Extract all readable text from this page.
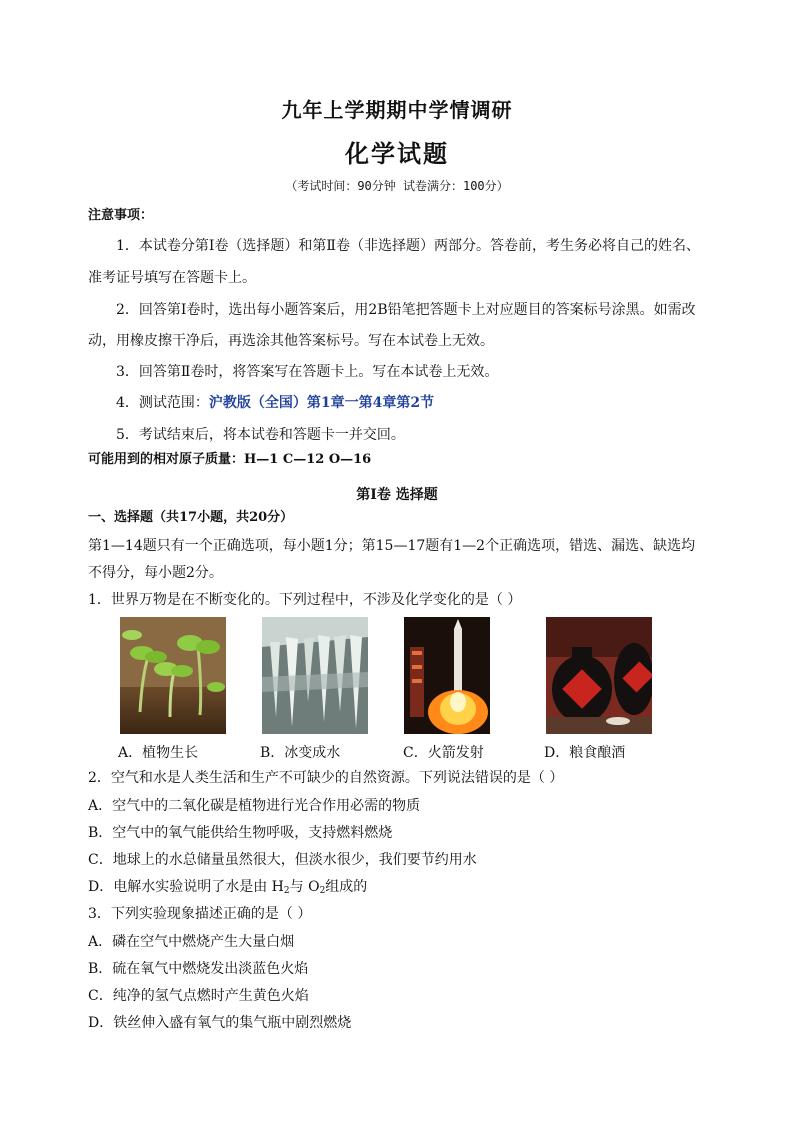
九年上学期期中学情调研
化学试题
（考试时间：90分钟 试卷满分：100分）
注意事项：
1．本试卷分第Ⅰ卷（选择题）和第Ⅱ卷（非选择题）两部分。答卷前，考生务必将自己的姓名、
准考证号填写在答题卡上。
2．回答第Ⅰ卷时，选出每小题答案后，用2B铅笔把答题卡上对应题目的答案标号涂黑。如需改
动，用橡皮擦干净后，再选涂其他答案标号。写在本试卷上无效。
3．回答第Ⅱ卷时，将答案写在答题卡上。写在本试卷上无效。
4．测试范围：沪教版（全国）第1章一第4章第2节
5．考试结束后，将本试卷和答题卡一并交回。
可能用到的相对原子质量：H—1 C—12 O—16
第Ⅰ卷 选择题
一、选择题（共17小题，共20分）
第1—14题只有一个正确选项，每小题1分；第15—17题有1—2个正确选项，错选、漏选、缺选均
不得分，每小题2分。
1．世界万物是在不断变化的。下列过程中，不涉及化学变化的是（ ）
A．植物生长	B．冰变成水	C．火箭发射	D．粮食酿酒
2．空气和水是人类生活和生产不可缺少的自然资源。下列说法错误的是（ ）
A．空气中的二氧化碳是植物进行光合作用必需的物质
B．空气中的氧气能供给生物呼吸，支持燃料燃烧
C．地球上的水总储量虽然很大，但淡水很少，我们要节约用水
D．电解水实验说明了水是由 $H_2$与 $O_2$组成的
3．下列实验现象描述正确的是（ ）
A．磷在空气中燃烧产生大量白烟
B．硫在氧气中燃烧发出淡蓝色火焰
C．纯净的氢气点燃时产生黄色火焰
D．铁丝伸入盛有氧气的集气瓶中剧烈燃烧
